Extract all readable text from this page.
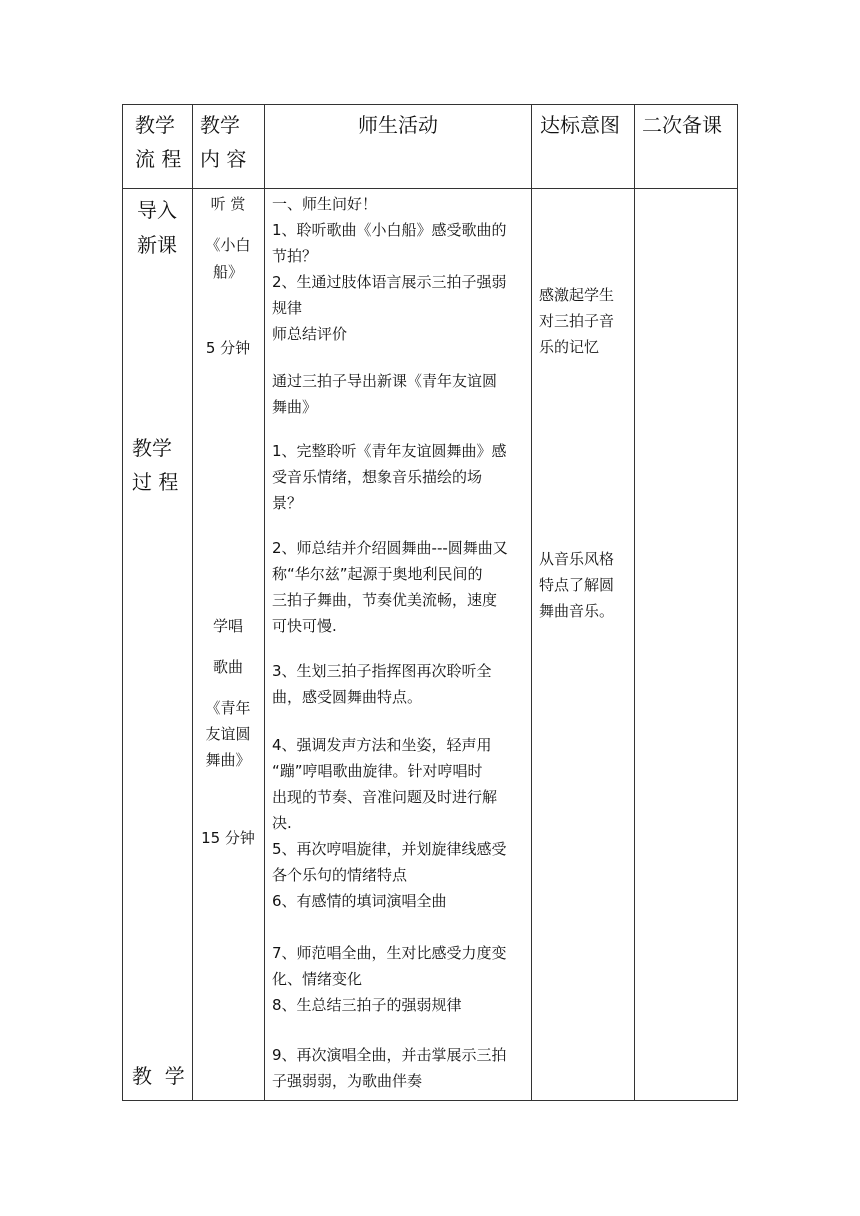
教学
流 程
教学
内 容
师生活动	达标意图 二次备课
导入
新课
教学
过 程
教  学
听 赏
《小白
船》
5 分钟
学唱
歌曲
《青年
友谊圆
舞曲》
15 分钟
一、师生问好！
1、聆听歌曲《小白船》感受歌曲的
节拍？
2、生通过肢体语言展示三拍子强弱
规律
师总结评价
通过三拍子导出新课《青年友谊圆
舞曲》
1、完整聆听《青年友谊圆舞曲》感
受音乐情绪，想象音乐描绘的场
景？
2、师总结并介绍圆舞曲---圆舞曲又
称“华尔兹”起源于奥地利民间的
三拍子舞曲，节奏优美流畅，速度
可快可慢.
3、生划三拍子指挥图再次聆听全
曲，感受圆舞曲特点。
4、强调发声方法和坐姿，轻声用
“蹦”哼唱歌曲旋律。针对哼唱时
出现的节奏、音准问题及时进行解
决.
5、再次哼唱旋律，并划旋律线感受
各个乐句的情绪特点
6、有感情的填词演唱全曲
7、师范唱全曲，生对比感受力度变
化、情绪变化
8、生总结三拍子的强弱规律
9、再次演唱全曲，并击掌展示三拍
子强弱弱，为歌曲伴奏
感激起学生
对三拍子音
乐的记忆
从音乐风格
特点了解圆
舞曲音乐。
